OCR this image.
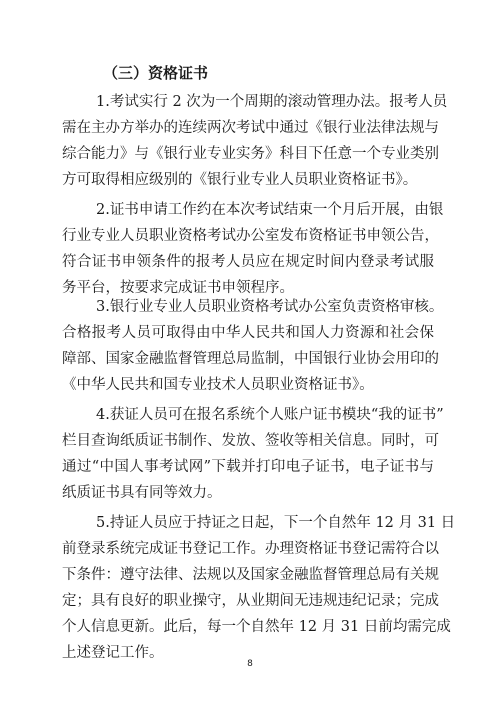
（三）资格证书
1.考试实行 2 次为一个周期的滚动管理办法。报考人员
需在主办方举办的连续两次考试中通过《银行业法律法规与
综合能力》与《银行业专业实务》科目下任意一个专业类别
方可取得相应级别的《银行业专业人员职业资格证书》。
2.证书申请工作约在本次考试结束一个月后开展，由银
行业专业人员职业资格考试办公室发布资格证书申领公告，
符合证书申领条件的报考人员应在规定时间内登录考试服
务平台，按要求完成证书申领程序。
3.银行业专业人员职业资格考试办公室负责资格审核。
合格报考人员可取得由中华人民共和国人力资源和社会保
障部、国家金融监督管理总局监制，中国银行业协会用印的
《中华人民共和国专业技术人员职业资格证书》。
4.获证人员可在报名系统个人账户证书模块“我的证书”
栏目查询纸质证书制作、发放、签收等相关信息。同时，可
通过“中国人事考试网”下载并打印电子证书，电子证书与
纸质证书具有同等效力。
5.持证人员应于持证之日起，下一个自然年 12 月 31 日
前登录系统完成证书登记工作。办理资格证书登记需符合以
下条件：遵守法律、法规以及国家金融监督管理总局有关规
定；具有良好的职业操守，从业期间无违规违纪记录；完成
个人信息更新。此后，每一个自然年 12 月 31 日前均需完成
上述登记工作。
8
